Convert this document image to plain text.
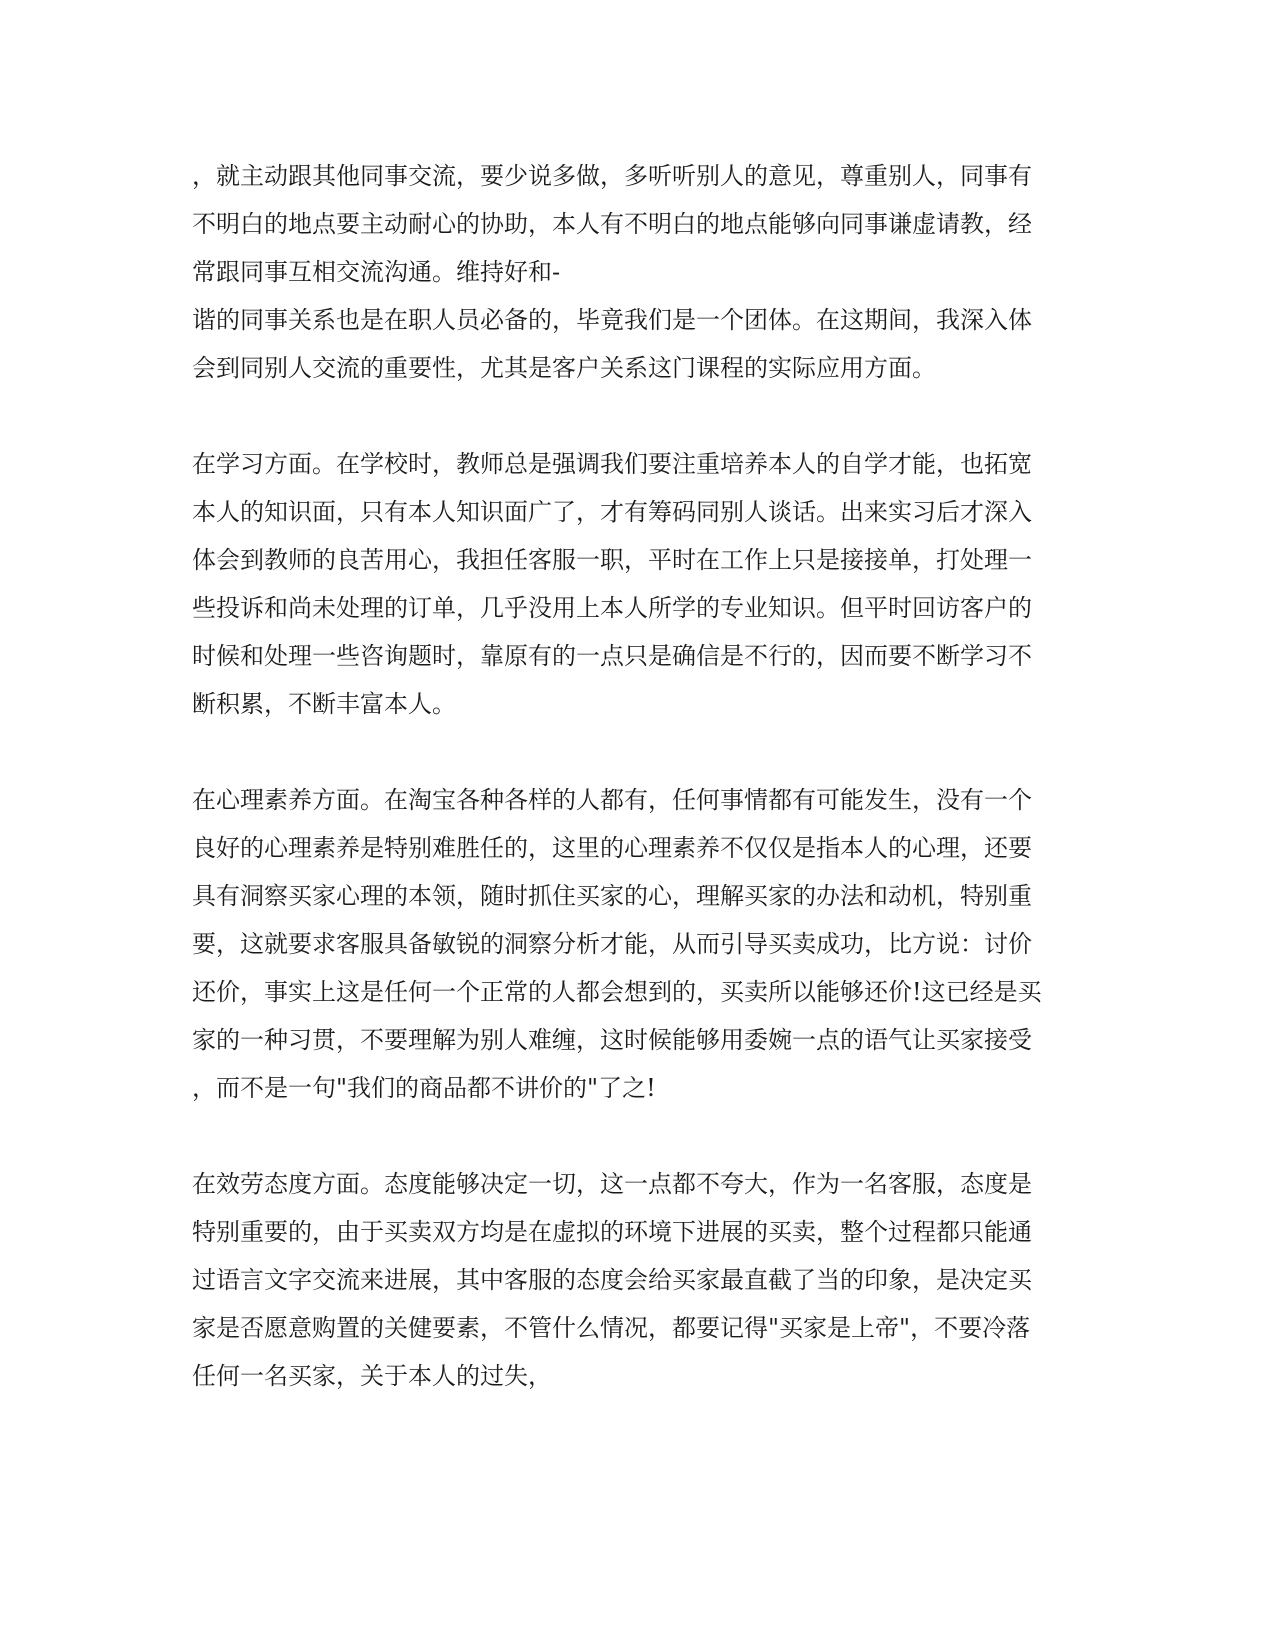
，就主动跟其他同事交流，要少说多做，多听听别人的意见，尊重别人，同事有
不明白的地点要主动耐心的协助，本人有不明白的地点能够向同事谦虚请教，经
常跟同事互相交流沟通。维持好和-
谐的同事关系也是在职人员必备的，毕竟我们是一个团体。在这期间，我深入体
会到同别人交流的重要性，尤其是客户关系这门课程的实际应用方面。
在学习方面。在学校时，教师总是强调我们要注重培养本人的自学才能，也拓宽
本人的知识面，只有本人知识面广了，才有筹码同别人谈话。出来实习后才深入
体会到教师的良苦用心，我担任客服一职，平时在工作上只是接接单，打处理一
些投诉和尚未处理的订单，几乎没用上本人所学的专业知识。但平时回访客户的
时候和处理一些咨询题时，靠原有的一点只是确信是不行的，因而要不断学习不
断积累，不断丰富本人。
在心理素养方面。在淘宝各种各样的人都有，任何事情都有可能发生，没有一个
良好的心理素养是特别难胜任的，这里的心理素养不仅仅是指本人的心理，还要
具有洞察买家心理的本领，随时抓住买家的心，理解买家的办法和动机，特别重
要，这就要求客服具备敏锐的洞察分析才能，从而引导买卖成功，比方说：讨价
还价，事实上这是任何一个正常的人都会想到的，买卖所以能够还价!这已经是买
家的一种习贯，不要理解为别人难缠，这时候能够用委婉一点的语气让买家接受
，而不是一句"我们的商品都不讲价的"了之!
在效劳态度方面。态度能够决定一切，这一点都不夸大，作为一名客服，态度是
特别重要的，由于买卖双方均是在虚拟的环境下进展的买卖，整个过程都只能通
过语言文字交流来进展，其中客服的态度会给买家最直截了当的印象，是决定买
家是否愿意购置的关健要素，不管什么情况，都要记得"买家是上帝"，不要冷落
任何一名买家，关于本人的过失，
